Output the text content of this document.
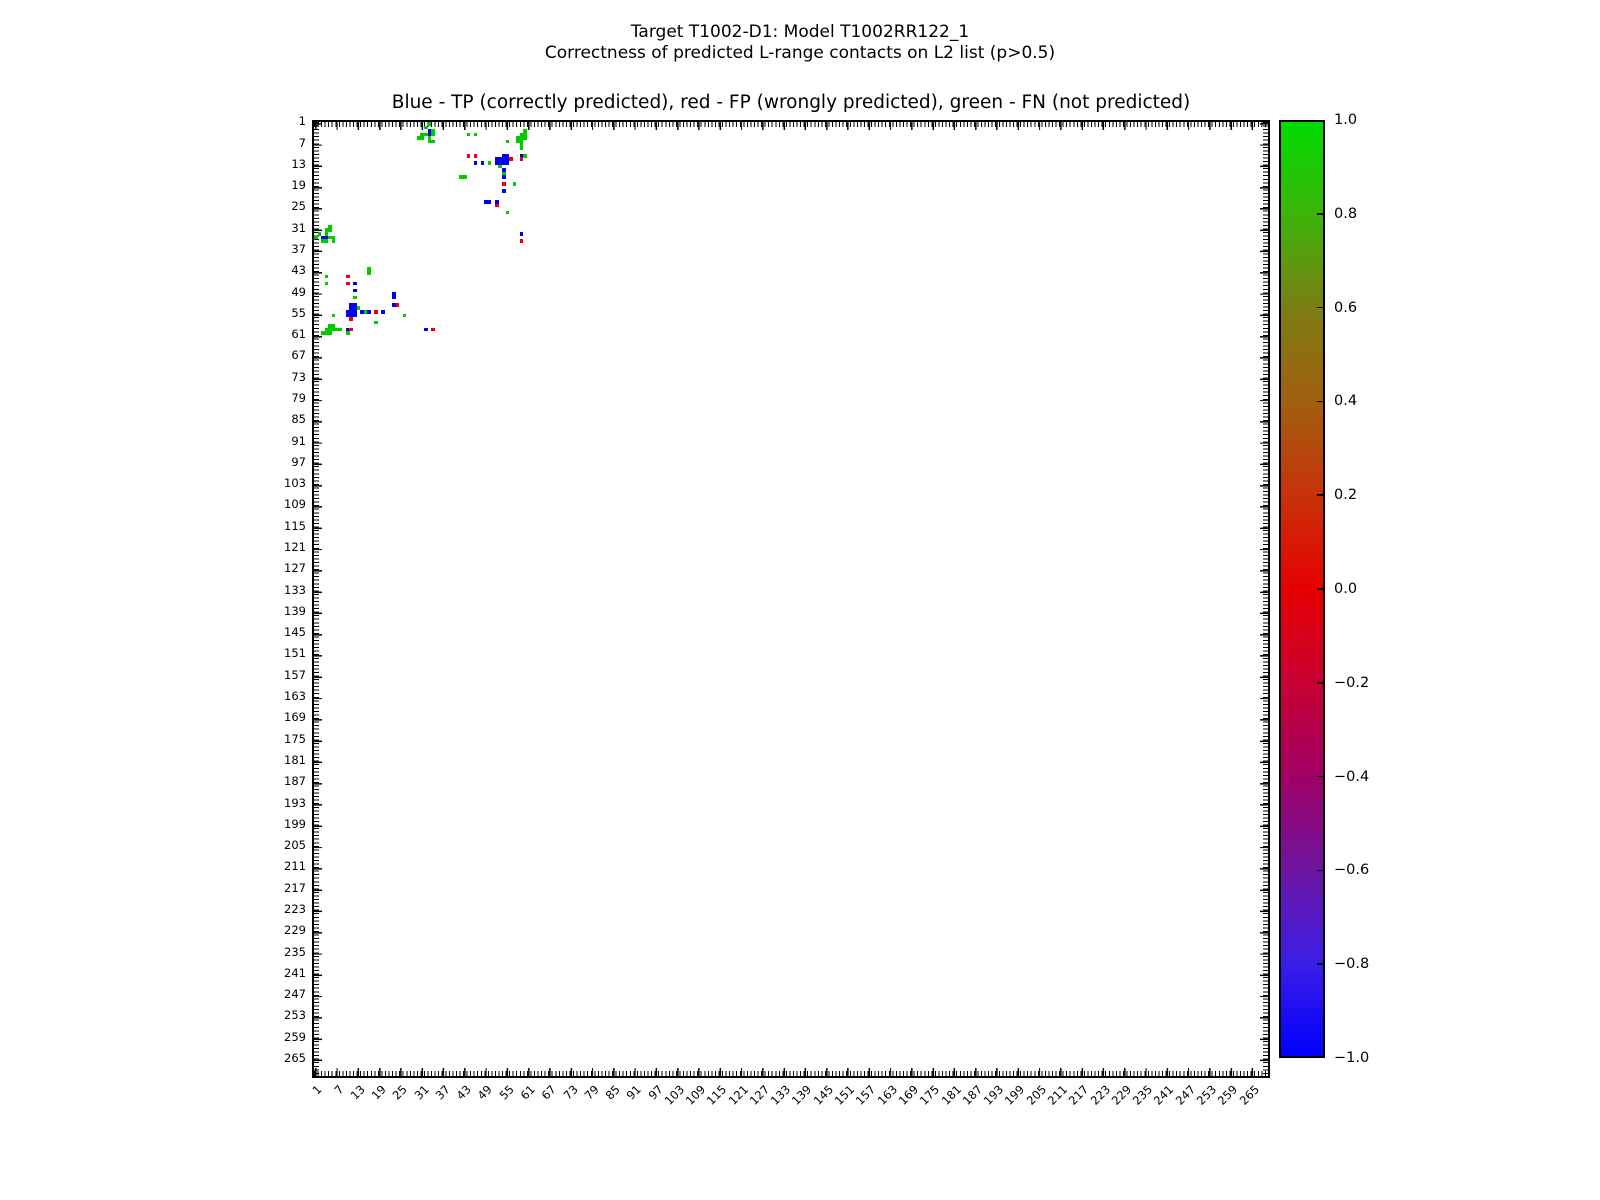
Target T1002-D1: Model T1002RR122_1
Correctness of predicted L-range contacts on L2 list (p>0.5)
Blue - TP (correctly predicted), red - FP (wrongly predicted), green - FN (not predicted)
1
7
13
19
25
31
37
43
49
55
61
67
73
79
85
91
97
103
109
115
121
127
133
139
145
151
157
163
169
175
181
187
193
199
205
211
217
223
229
235
241
247
253
259
265
1 7 13 19 25 31 37 43 49 55 61 67 73 79 85 91 97
103
109
115
121
127
133
139
145
151
157
163
169
175
181
187
193
199
205
211
217
223
229
235
241
247
253
259
265
1.0
0.8
0.6
0.4
0.2
0.0
−0.2
−0.4
−0.6
−0.8
−1.0
